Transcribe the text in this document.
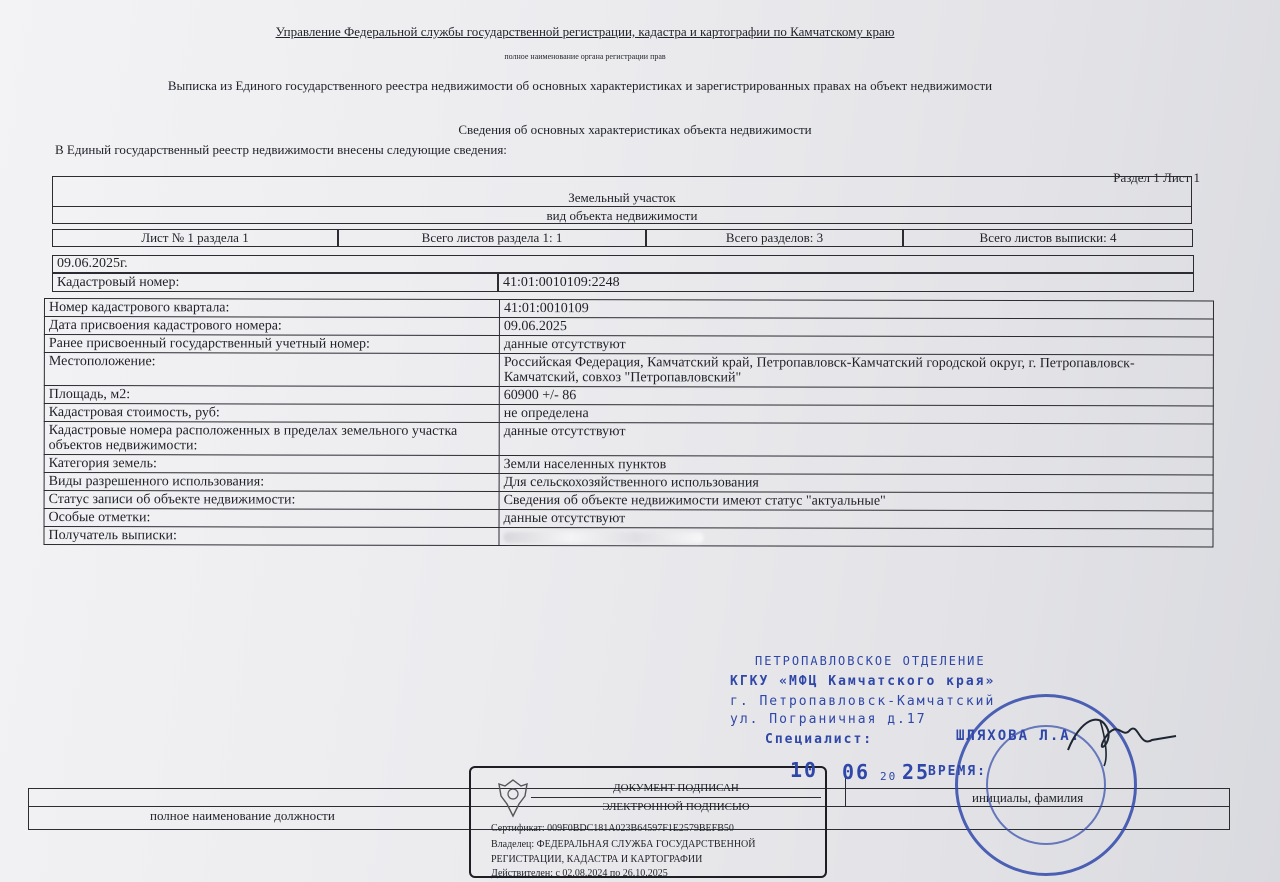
Управление Федеральной службы государственной регистрации, кадастра и картографии по Камчатскому краю
полное наименование органа регистрации прав
Выписка из Единого государственного реестра недвижимости об основных характеристиках и зарегистрированных правах на объект недвижимости
Сведения об основных характеристиках объекта недвижимости
В Единый государственный реестр недвижимости внесены следующие сведения:
Раздел 1 Лист 1
Земельный участок
вид объекта недвижимости
Лист № 1 раздела 1	Всего листов раздела 1: 1	Всего разделов: 3	Всего листов выписки: 4
09.06.2025г.
Кадастровый номер:	41:01:0010109:2248
Номер кадастрового квартала:	41:01:0010109
Дата присвоения кадастрового номера:	09.06.2025
Ранее присвоенный государственный учетный номер:	данные отсутствуют
Местоположение:	Российская Федерация, Камчатский край, Петропавловск-Камчатский городской округ, г. Петропавловск-Камчатский, совхоз "Петропавловский"
Площадь, м2:	60900 +/- 86
Кадастровая стоимость, руб:	не определена
Кадастровые номера расположенных в пределах земельного участка объектов недвижимости:	данные отсутствуют
Категория земель:	Земли населенных пунктов
Виды разрешенного использования:	Для сельскохозяйственного использования
Статус записи об объекте недвижимости:	Сведения об объекте недвижимости имеют статус "актуальные"
Особые отметки:	данные отсутствуют
Получатель выписки:	
полное наименование должности
инициалы, фамилия
ДОКУМЕНТ ПОДПИСАН
ЭЛЕКТРОННОЙ ПОДПИСЬЮ
Сертификат: 009F0BDC181A023B64597F1E2579BEFB50
Владелец: ФЕДЕРАЛЬНАЯ СЛУЖБА ГОСУДАРСТВЕННОЙ
РЕГИСТРАЦИИ, КАДАСТРА И КАРТОГРАФИИ
Действителен: с 02.08.2024 по 26.10.2025
ПЕТРОПАВЛОВСКОЕ ОТДЕЛЕНИЕ
КГКУ «МФЦ Камчатского края»
г. Петропавловск-Камчатский
ул. Пограничная д.17
Специалист:	ШЛЯХОВА Л.А.
10 06 20 25
ВРЕМЯ:
